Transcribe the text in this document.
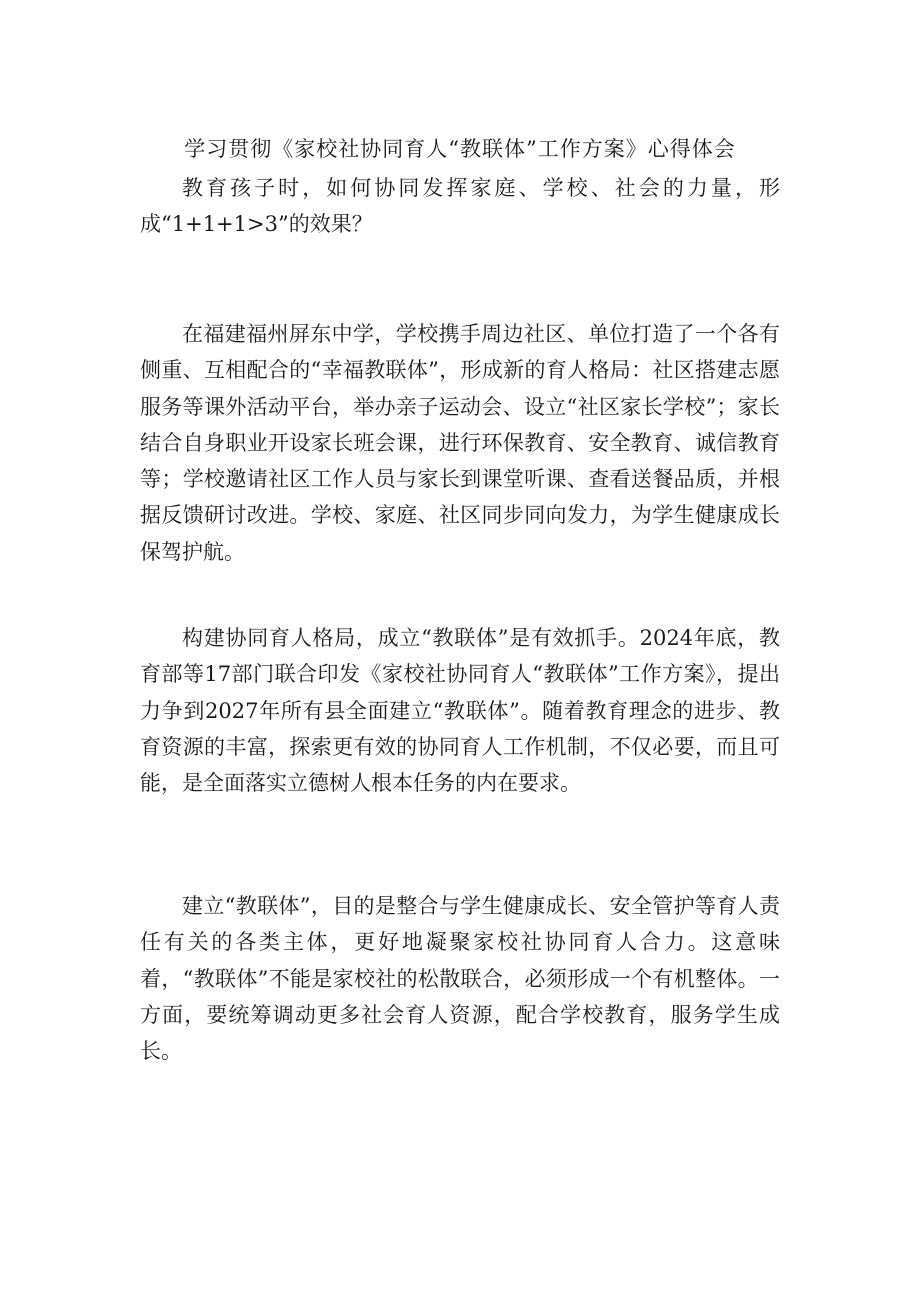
学习贯彻《家校社协同育人“教联体”工作方案》心得体会

教育孩子时，如何协同发挥家庭、学校、社会的力量，形成“1+1+1>3”的效果？

在福建福州屏东中学，学校携手周边社区、单位打造了一个各有侧重、互相配合的“幸福教联体”，形成新的育人格局：社区搭建志愿服务等课外活动平台，举办亲子运动会、设立“社区家长学校”；家长结合自身职业开设家长班会课，进行环保教育、安全教育、诚信教育等；学校邀请社区工作人员与家长到课堂听课、查看送餐品质，并根据反馈研讨改进。学校、家庭、社区同步同向发力，为学生健康成长保驾护航。

构建协同育人格局，成立“教联体”是有效抓手。2024年底，教育部等17部门联合印发《家校社协同育人“教联体”工作方案》，提出力争到2027年所有县全面建立“教联体”。随着教育理念的进步、教育资源的丰富，探索更有效的协同育人工作机制，不仅必要，而且可能，是全面落实立德树人根本任务的内在要求。

建立“教联体”，目的是整合与学生健康成长、安全管护等育人责任有关的各类主体，更好地凝聚家校社协同育人合力。这意味着，“教联体”不能是家校社的松散联合，必须形成一个有机整体。一方面，要统筹调动更多社会育人资源，配合学校教育，服务学生成长。
